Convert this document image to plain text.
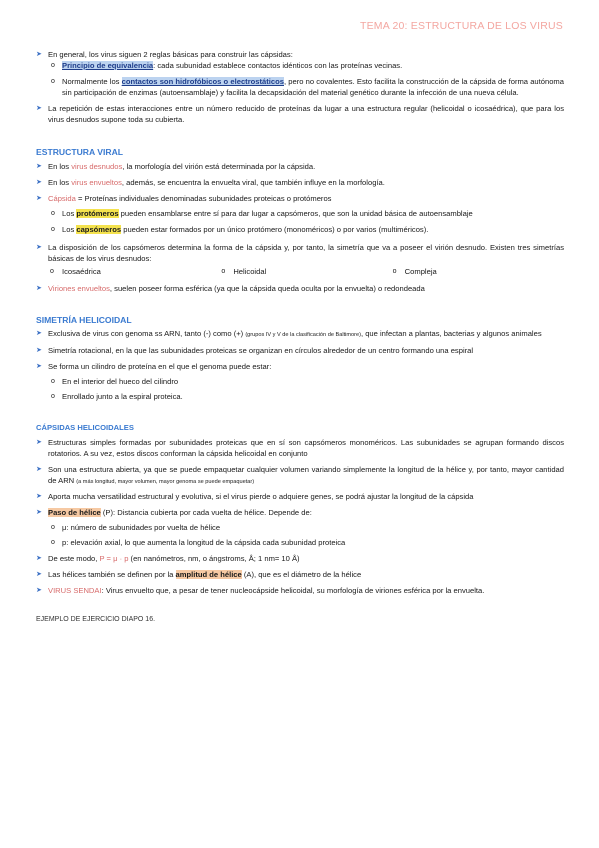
TEMA 20: ESTRUCTURA DE LOS VIRUS

➤ En general, los virus siguen 2 reglas básicas para construir las cápsidas:

o Principio de equivalencia: cada subunidad establece contactos idénticos con las proteínas vecinas.

o Normalmente los contactos son hidrofóbicos o electrostáticos, pero no covalentes. Esto facilita la construcción de la cápsida de forma autónoma sin participación de enzimas (autoensamblaje) y facilita la decapsidación del material genético durante la infección de una nueva célula.

➤ La repetición de estas interacciones entre un número reducido de proteínas da lugar a una estructura regular (helicoidal o icosaédrica), que para los virus desnudos supone toda su cubierta.

ESTRUCTURA VIRAL

➤ En los virus desnudos, la morfología del virión está determinada por la cápsida.

➤ En los virus envueltos, además, se encuentra la envuelta viral, que también influye en la morfología.

➤ Cápsida = Proteínas individuales denominadas subunidades proteicas o protómeros

o Los protómeros pueden ensamblarse entre sí para dar lugar a capsómeros, que son la unidad básica de autoensamblaje

o Los capsómeros pueden estar formados por un único protómero (monoméricos) o por varios (multiméricos).

➤ La disposición de los capsómeros determina la forma de la cápsida y, por tanto, la simetría que va a poseer el virión desnudo. Existen tres simetrías básicas de los virus desnudos:

o Icosaédrica	o Helicoidal	o Compleja

➤ Viriones envueltos, suelen poseer forma esférica (ya que la cápsida queda oculta por la envuelta) o redondeada

SIMETRÍA HELICOIDAL

➤ Exclusiva de virus con genoma ss ARN, tanto (-) como (+) (grupos IV y V de la clasificación de Baltimore), que infectan a plantas, bacterias y algunos animales

➤ Simetría rotacional, en la que las subunidades proteicas se organizan en círculos alrededor de un centro formando una espiral

➤ Se forma un cilindro de proteína en el que el genoma puede estar:

o En el interior del hueco del cilindro

o Enrollado junto a la espiral proteica.

CÁPSIDAS HELICOIDALES

➤ Estructuras simples formadas por subunidades proteicas que en sí son capsómeros monoméricos. Las subunidades se agrupan formando discos rotatorios. A su vez, estos discos conforman la cápsida helicoidal en conjunto

➤ Son una estructura abierta, ya que se puede empaquetar cualquier volumen variando simplemente la longitud de la hélice y, por tanto, mayor cantidad de ARN (a más longitud, mayor volumen, mayor genoma se puede empaquetar)

➤ Aporta mucha versatilidad estructural y evolutiva, si el virus pierde o adquiere genes, se podrá ajustar la longitud de la cápsida

➤ Paso de hélice (P): Distancia cubierta por cada vuelta de hélice. Depende de:

o μ: número de subunidades por vuelta de hélice

o p: elevación axial, lo que aumenta la longitud de la cápsida cada subunidad proteica

➤ De este modo, P = μ · p (en nanómetros, nm, o ángstroms, Å; 1 nm= 10 Å)

➤ Las hélices también se definen por la amplitud de hélice (A), que es el diámetro de la hélice

➤ VIRUS SENDAI: Virus envuelto que, a pesar de tener nucleocápside helicoidal, su morfología de viriones esférica por la envuelta.

EJEMPLO DE EJERCICIO DIAPO 16.
